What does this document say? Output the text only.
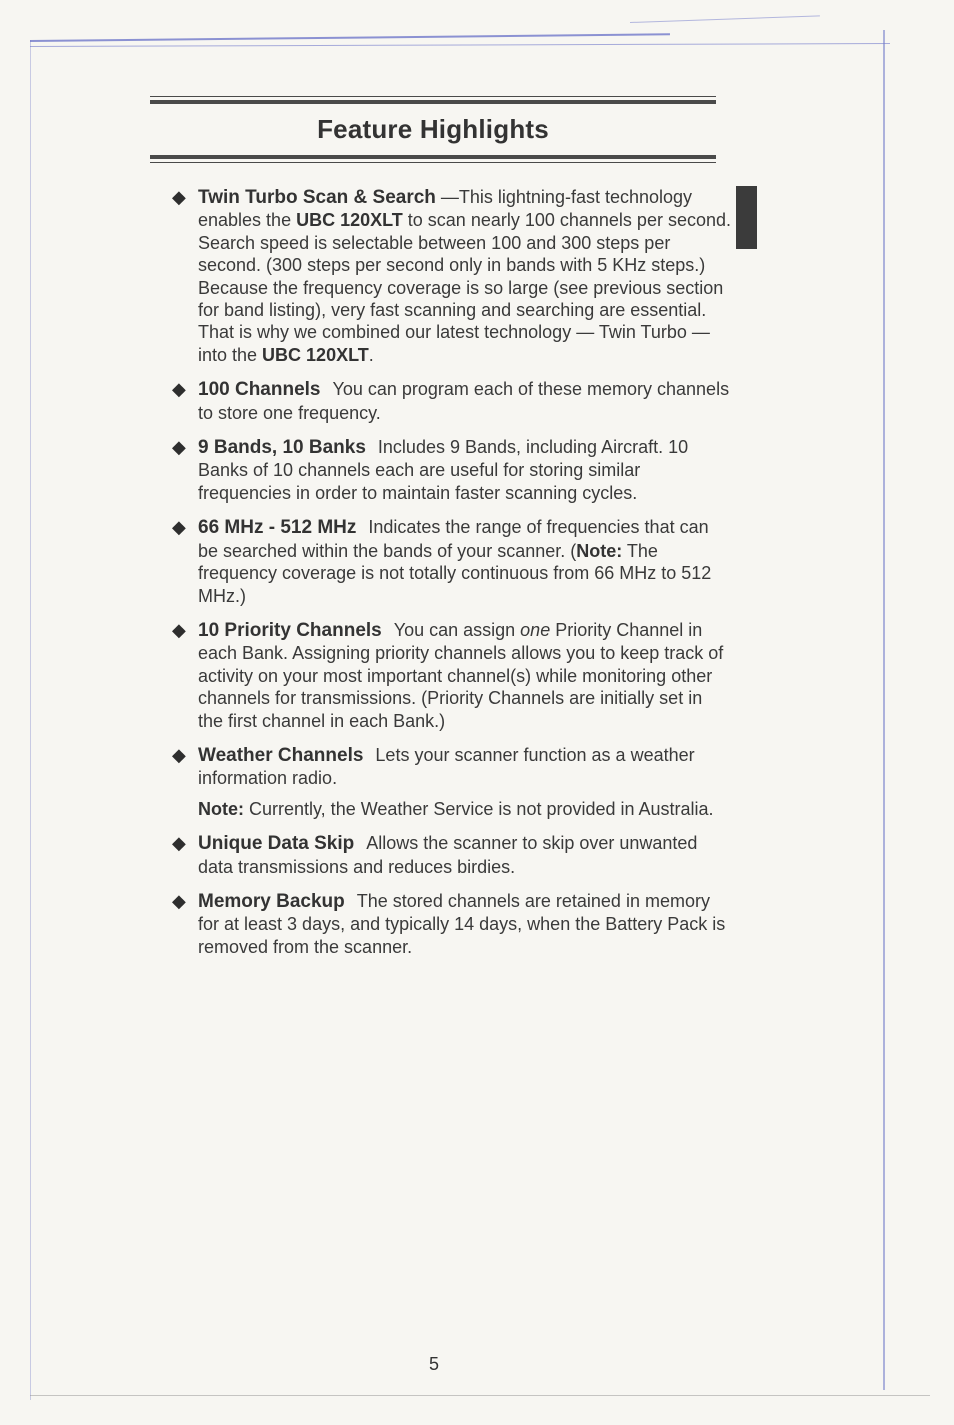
Feature Highlights
◆ Twin Turbo Scan & Search —This lightning-fast technology enables the UBC 120XLT to scan nearly 100 channels per second. Search speed is selectable between 100 and 300 steps per second. (300 steps per second only in bands with 5 KHz steps.) Because the frequency coverage is so large (see previous section for band listing), very fast scanning and searching are essential. That is why we combined our latest technology — Twin Turbo — into the UBC 120XLT.
◆ 100 Channels You can program each of these memory channels to store one frequency.
◆ 9 Bands, 10 Banks Includes 9 Bands, including Aircraft. 10 Banks of 10 channels each are useful for storing similar frequencies in order to maintain faster scanning cycles.
◆ 66 MHz - 512 MHz Indicates the range of frequencies that can be searched within the bands of your scanner. (Note: The frequency coverage is not totally continuous from 66 MHz to 512 MHz.)
◆ 10 Priority Channels You can assign one Priority Channel in each Bank. Assigning priority channels allows you to keep track of activity on your most important channel(s) while monitoring other channels for transmissions. (Priority Channels are initially set in the first channel in each Bank.)
◆ Weather Channels Lets your scanner function as a weather information radio.
Note: Currently, the Weather Service is not provided in Australia.
◆ Unique Data Skip Allows the scanner to skip over unwanted data transmissions and reduces birdies.
◆ Memory Backup The stored channels are retained in memory for at least 3 days, and typically 14 days, when the Battery Pack is removed from the scanner.
5
